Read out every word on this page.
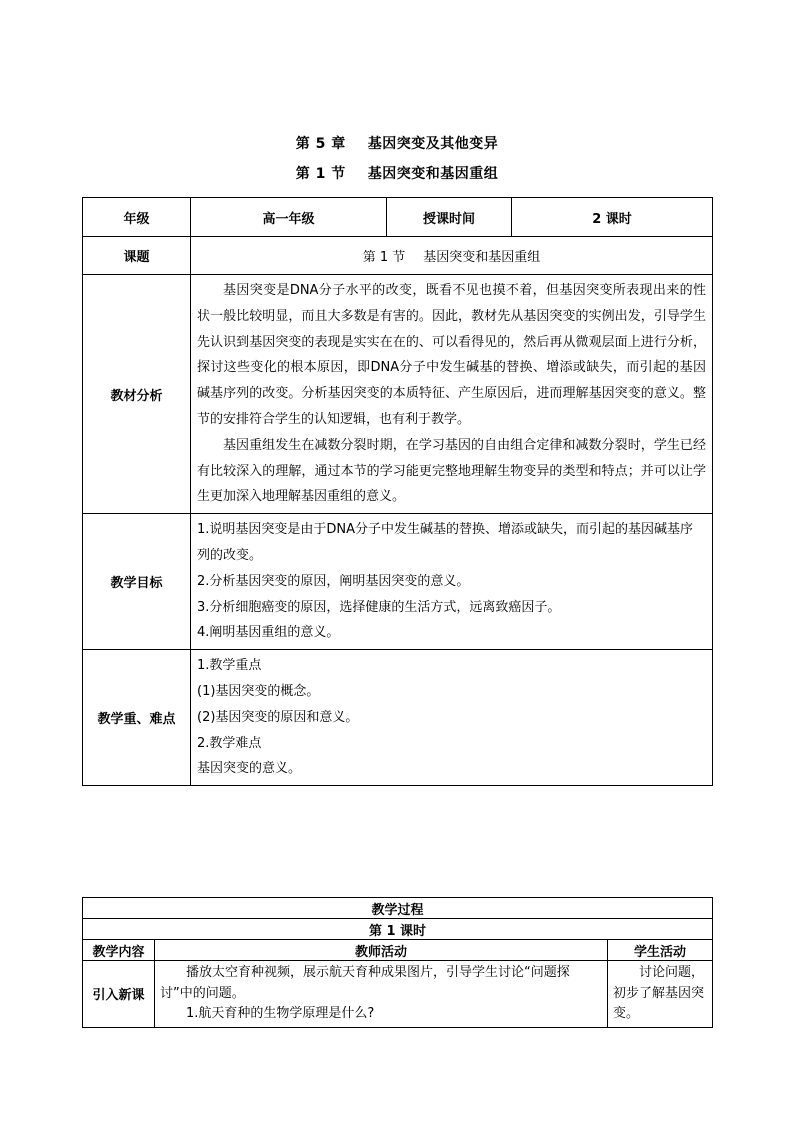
第 5 章 基因突变及其他变异
第 1 节 基因突变和基因重组
年级	高一年级	授课时间	2 课时
课题	第 1 节 基因突变和基因重组		
教材分析	基因突变是DNA分子水平的改变，既看不见也摸不着，但基因突变所表现出来的性状一般比较明显，而且大多数是有害的。因此，教材先从基因突变的实例出发，引导学生先认识到基因突变的表现是实实在在的、可以看得见的，然后再从微观层面上进行分析，探讨这些变化的根本原因，即DNA分子中发生碱基的替换、增添或缺失，而引起的基因碱基序列的改变。分析基因突变的本质特征、产生原因后，进而理解基因突变的意义。整节的安排符合学生的认知逻辑，也有利于教学。

基因重组发生在减数分裂时期，在学习基因的自由组合定律和减数分裂时，学生已经有比较深入的理解，通过本节的学习能更完整地理解生物变异的类型和特点；并可以让学生更加深入地理解基因重组的意义。		

教学目标	1.说明基因突变是由于DNA分子中发生碱基的替换、增添或缺失，而引起的基因碱基序列的改变。

2.分析基因突变的原因，阐明基因突变的意义。

3.分析细胞癌变的原因，选择健康的生活方式，远离致癌因子。

4.阐明基因重组的意义。		

教学重、难点	1.教学重点

(1)基因突变的概念。

(2)基因突变的原因和意义。

2.教学难点

基因突变的意义。		

教学过程		
第 1 课时		
教学内容	教师活动	学生活动
引入新课	播放太空育种视频，展示航天育种成果图片，引导学生讨论“问题探讨”中的问题。

1.航天育种的生物学原理是什么?	讨论问题，初步了解基因突变。
